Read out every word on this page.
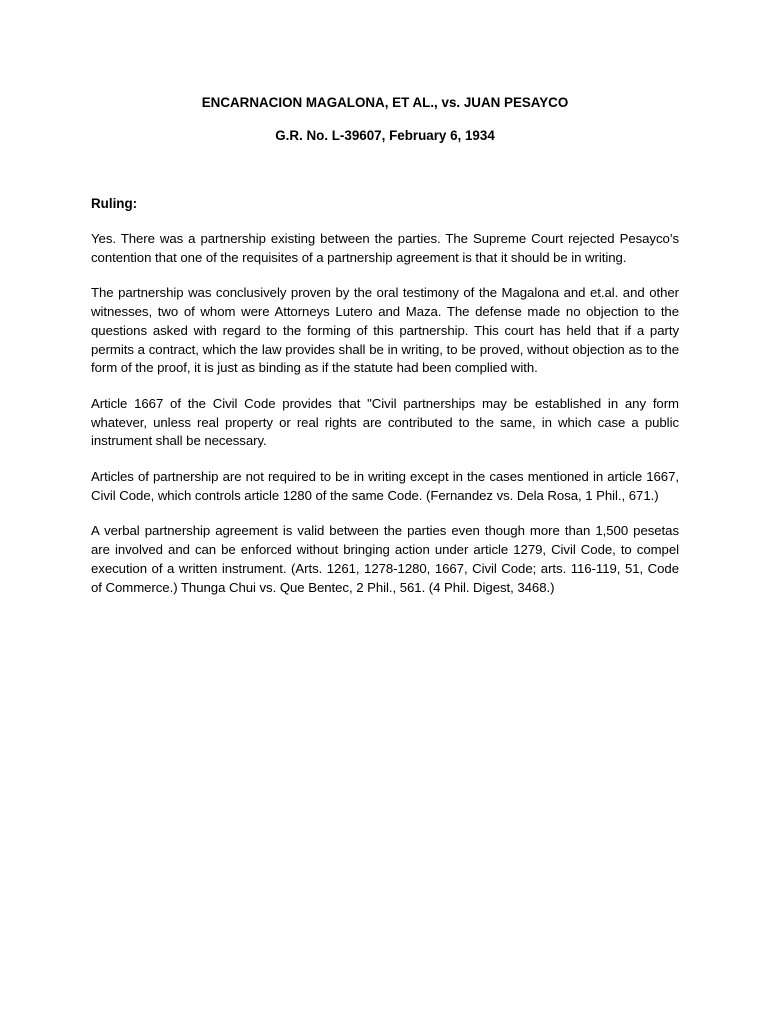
ENCARNACION MAGALONA, ET AL., vs. JUAN PESAYCO
G.R. No. L-39607, February 6, 1934
Ruling:

Yes. There was a partnership existing between the parties. The Supreme Court rejected Pesayco’s contention that one of the requisites of a partnership agreement is that it should be in writing.

The partnership was conclusively proven by the oral testimony of the Magalona and et.al. and other witnesses, two of whom were Attorneys Lutero and Maza. The defense made no objection to the questions asked with regard to the forming of this partnership. This court has held that if a party permits a contract, which the law provides shall be in writing, to be proved, without objection as to the form of the proof, it is just as binding as if the statute had been complied with.

Article 1667 of the Civil Code provides that "Civil partnerships may be established in any form whatever, unless real property or real rights are contributed to the same, in which case a public instrument shall be necessary.

Articles of partnership are not required to be in writing except in the cases mentioned in article 1667, Civil Code, which controls article 1280 of the same Code. (Fernandez vs. Dela Rosa, 1 Phil., 671.)

A verbal partnership agreement is valid between the parties even though more than 1,500 pesetas are involved and can be enforced without bringing action under article 1279, Civil Code, to compel execution of a written instrument. (Arts. 1261, 1278-1280, 1667, Civil Code; arts. 116-119, 51, Code of Commerce.) Thunga Chui vs. Que Bentec, 2 Phil., 561. (4 Phil. Digest, 3468.)
